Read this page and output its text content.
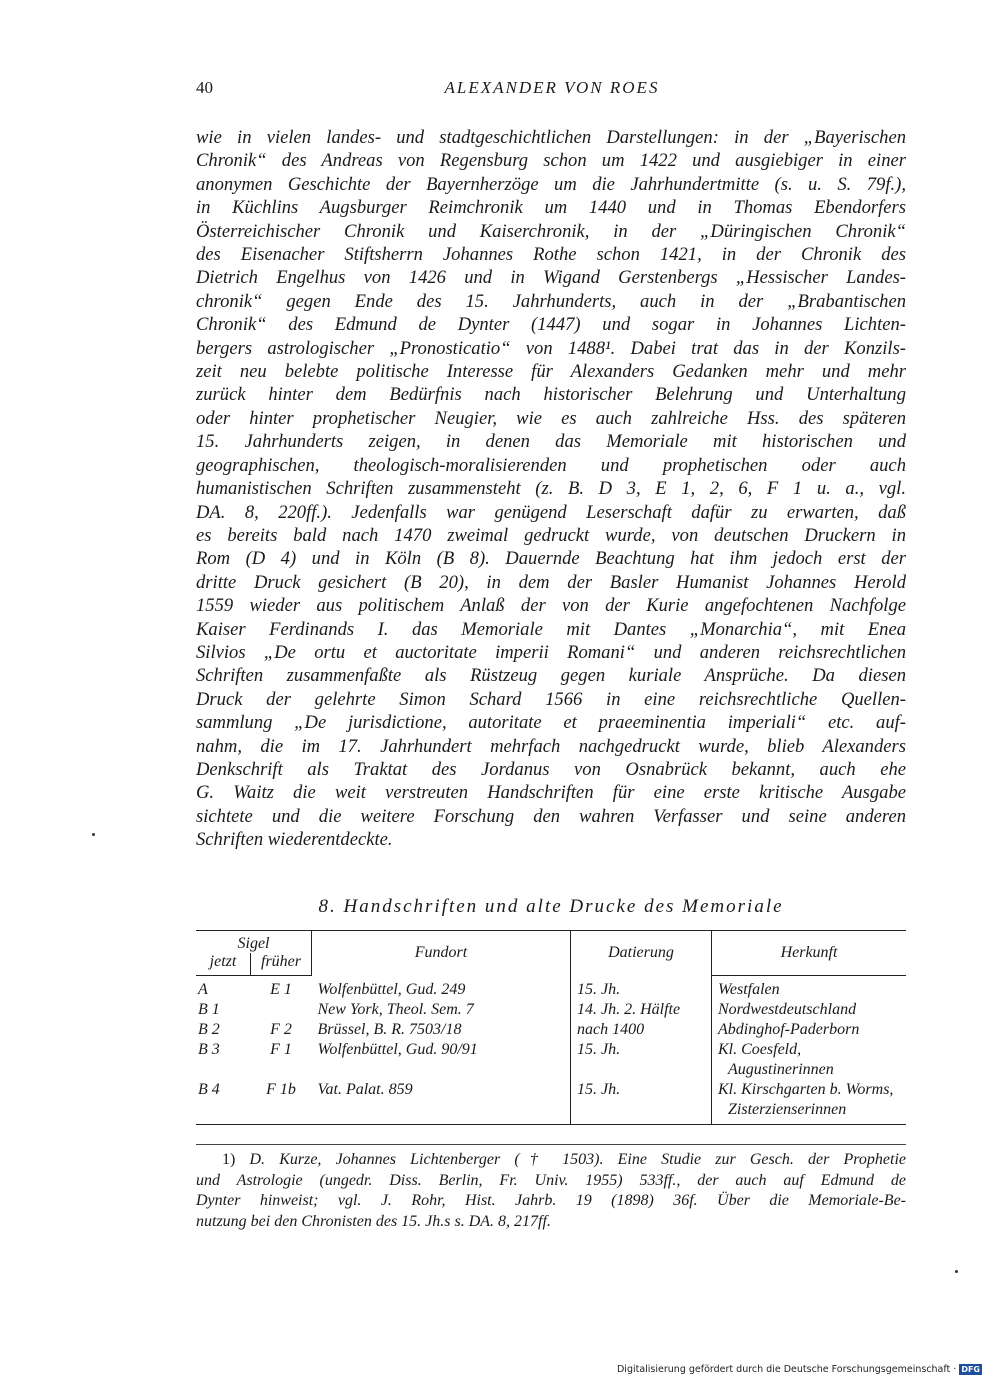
40	ALEXANDER VON ROES
wie in vielen landes- und stadtgeschichtlichen Darstellungen: in der „Bayerischen
Chronik“ des Andreas von Regensburg schon um 1422 und ausgiebiger in einer
anonymen Geschichte der Bayernherzöge um die Jahrhundertmitte (s. u. S. 79f.),
in Küchlins Augsburger Reimchronik um 1440 und in Thomas Ebendorfers
Österreichischer Chronik und Kaiserchronik, in der „Düringischen Chronik“
des Eisenacher Stiftsherrn Johannes Rothe schon 1421, in der Chronik des
Dietrich Engelhus von 1426 und in Wigand Gerstenbergs „Hessischer Landes-
chronik“ gegen Ende des 15. Jahrhunderts, auch in der „Brabantischen
Chronik“ des Edmund de Dynter (1447) und sogar in Johannes Lichten-
bergers astrologischer „Pronosticatio“ von 1488¹. Dabei trat das in der Konzils-
zeit neu belebte politische Interesse für Alexanders Gedanken mehr und mehr
zurück hinter dem Bedürfnis nach historischer Belehrung und Unterhaltung
oder hinter prophetischer Neugier, wie es auch zahlreiche Hss. des späteren
15. Jahrhunderts zeigen, in denen das Memoriale mit historischen und
geographischen, theologisch-moralisierenden und prophetischen oder auch
humanistischen Schriften zusammensteht (z. B. D 3, E 1, 2, 6, F 1 u. a., vgl.
DA. 8, 220ff.). Jedenfalls war genügend Leserschaft dafür zu erwarten, daß
es bereits bald nach 1470 zweimal gedruckt wurde, von deutschen Druckern in
Rom (D 4) und in Köln (B 8). Dauernde Beachtung hat ihm jedoch erst der
dritte Druck gesichert (B 20), in dem der Basler Humanist Johannes Herold
1559 wieder aus politischem Anlaß der von der Kurie angefochtenen Nachfolge
Kaiser Ferdinands I. das Memoriale mit Dantes „Monarchia“, mit Enea
Silvios „De ortu et auctoritate imperii Romani“ und anderen reichsrechtlichen
Schriften zusammenfaßte als Rüstzeug gegen kuriale Ansprüche. Da diesen
Druck der gelehrte Simon Schard 1566 in eine reichsrechtliche Quellen-
sammlung „De jurisdictione, autoritate et praeeminentia imperiali“ etc. auf-
nahm, die im 17. Jahrhundert mehrfach nachgedruckt wurde, blieb Alexanders
Denkschrift als Traktat des Jordanus von Osnabrück bekannt, auch ehe
G. Waitz die weit verstreuten Handschriften für eine erste kritische Ausgabe
sichtete und die weitere Forschung den wahren Verfasser und seine anderen
Schriften wiederentdeckte.
8. Handschriften und alte Drucke des Memoriale
Sigel		Fundort	Datierung	Herkunft
jetzt	früher			
A	E 1	Wolfenbüttel, Gud. 249	15. Jh.	Westfalen
B 1		New York, Theol. Sem. 7	14. Jh. 2. Hälfte	Nordwestdeutschland
B 2	F 2	Brüssel, B. R. 7503/18	nach 1400	Abdinghof-Paderborn
B 3	F 1	Wolfenbüttel, Gud. 90/91	15. Jh.	Kl. Coesfeld,
Augustinerinnen

B 4	F 1b	Vat. Palat. 859	15. Jh.	Kl. Kirschgarten b. Worms,
Zisterzienserinnen
1) D. Kurze, Johannes Lichtenberger († 1503). Eine Studie zur Gesch. der Prophetie
und Astrologie (ungedr. Diss. Berlin, Fr. Univ. 1955) 533ff., der auch auf Edmund de
Dynter hinweist; vgl. J. Rohr, Hist. Jahrb. 19 (1898) 36f. Über die Memoriale-Be-
nutzung bei den Chronisten des 15. Jh.s s. DA. 8, 217ff.
Digitalisierung gefördert durch die Deutsche Forschungsgemeinschaft · DFG
